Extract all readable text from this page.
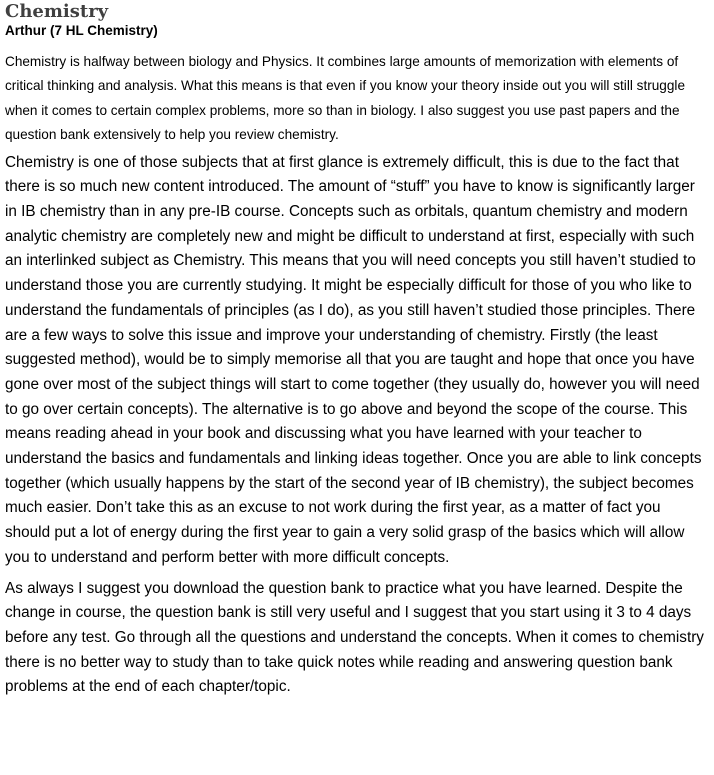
Chemistry

Arthur (7 HL Chemistry)

Chemistry is halfway between biology and Physics. It combines large amounts of memorization with elements of critical thinking and analysis. What this means is that even if you know your theory inside out you will still struggle when it comes to certain complex problems, more so than in biology. I also suggest you use past papers and the question bank extensively to help you review chemistry.

Chemistry is one of those subjects that at first glance is extremely difficult, this is due to the fact that there is so much new content introduced. The amount of “stuff” you have to know is significantly larger in IB chemistry than in any pre-IB course. Concepts such as orbitals, quantum chemistry and modern analytic chemistry are completely new and might be difficult to understand at first, especially with such an interlinked subject as Chemistry. This means that you will need concepts you still haven’t studied to understand those you are currently studying. It might be especially difficult for those of you who like to understand the fundamentals of principles (as I do), as you still haven’t studied those principles. There are a few ways to solve this issue and improve your understanding of chemistry. Firstly (the least suggested method), would be to simply memorise all that you are taught and hope that once you have gone over most of the subject things will start to come together (they usually do, however you will need to go over certain concepts). The alternative is to go above and beyond the scope of the course. This means reading ahead in your book and discussing what you have learned with your teacher to understand the basics and fundamentals and linking ideas together. Once you are able to link concepts together (which usually happens by the start of the second year of IB chemistry), the subject becomes much easier. Don’t take this as an excuse to not work during the first year, as a matter of fact you should put a lot of energy during the first year to gain a very solid grasp of the basics which will allow you to understand and perform better with more difficult concepts.

As always I suggest you download the question bank to practice what you have learned. Despite the change in course, the question bank is still very useful and I suggest that you start using it 3 to 4 days before any test. Go through all the questions and understand the concepts. When it comes to chemistry there is no better way to study than to take quick notes while reading and answering question bank problems at the end of each chapter/topic.
